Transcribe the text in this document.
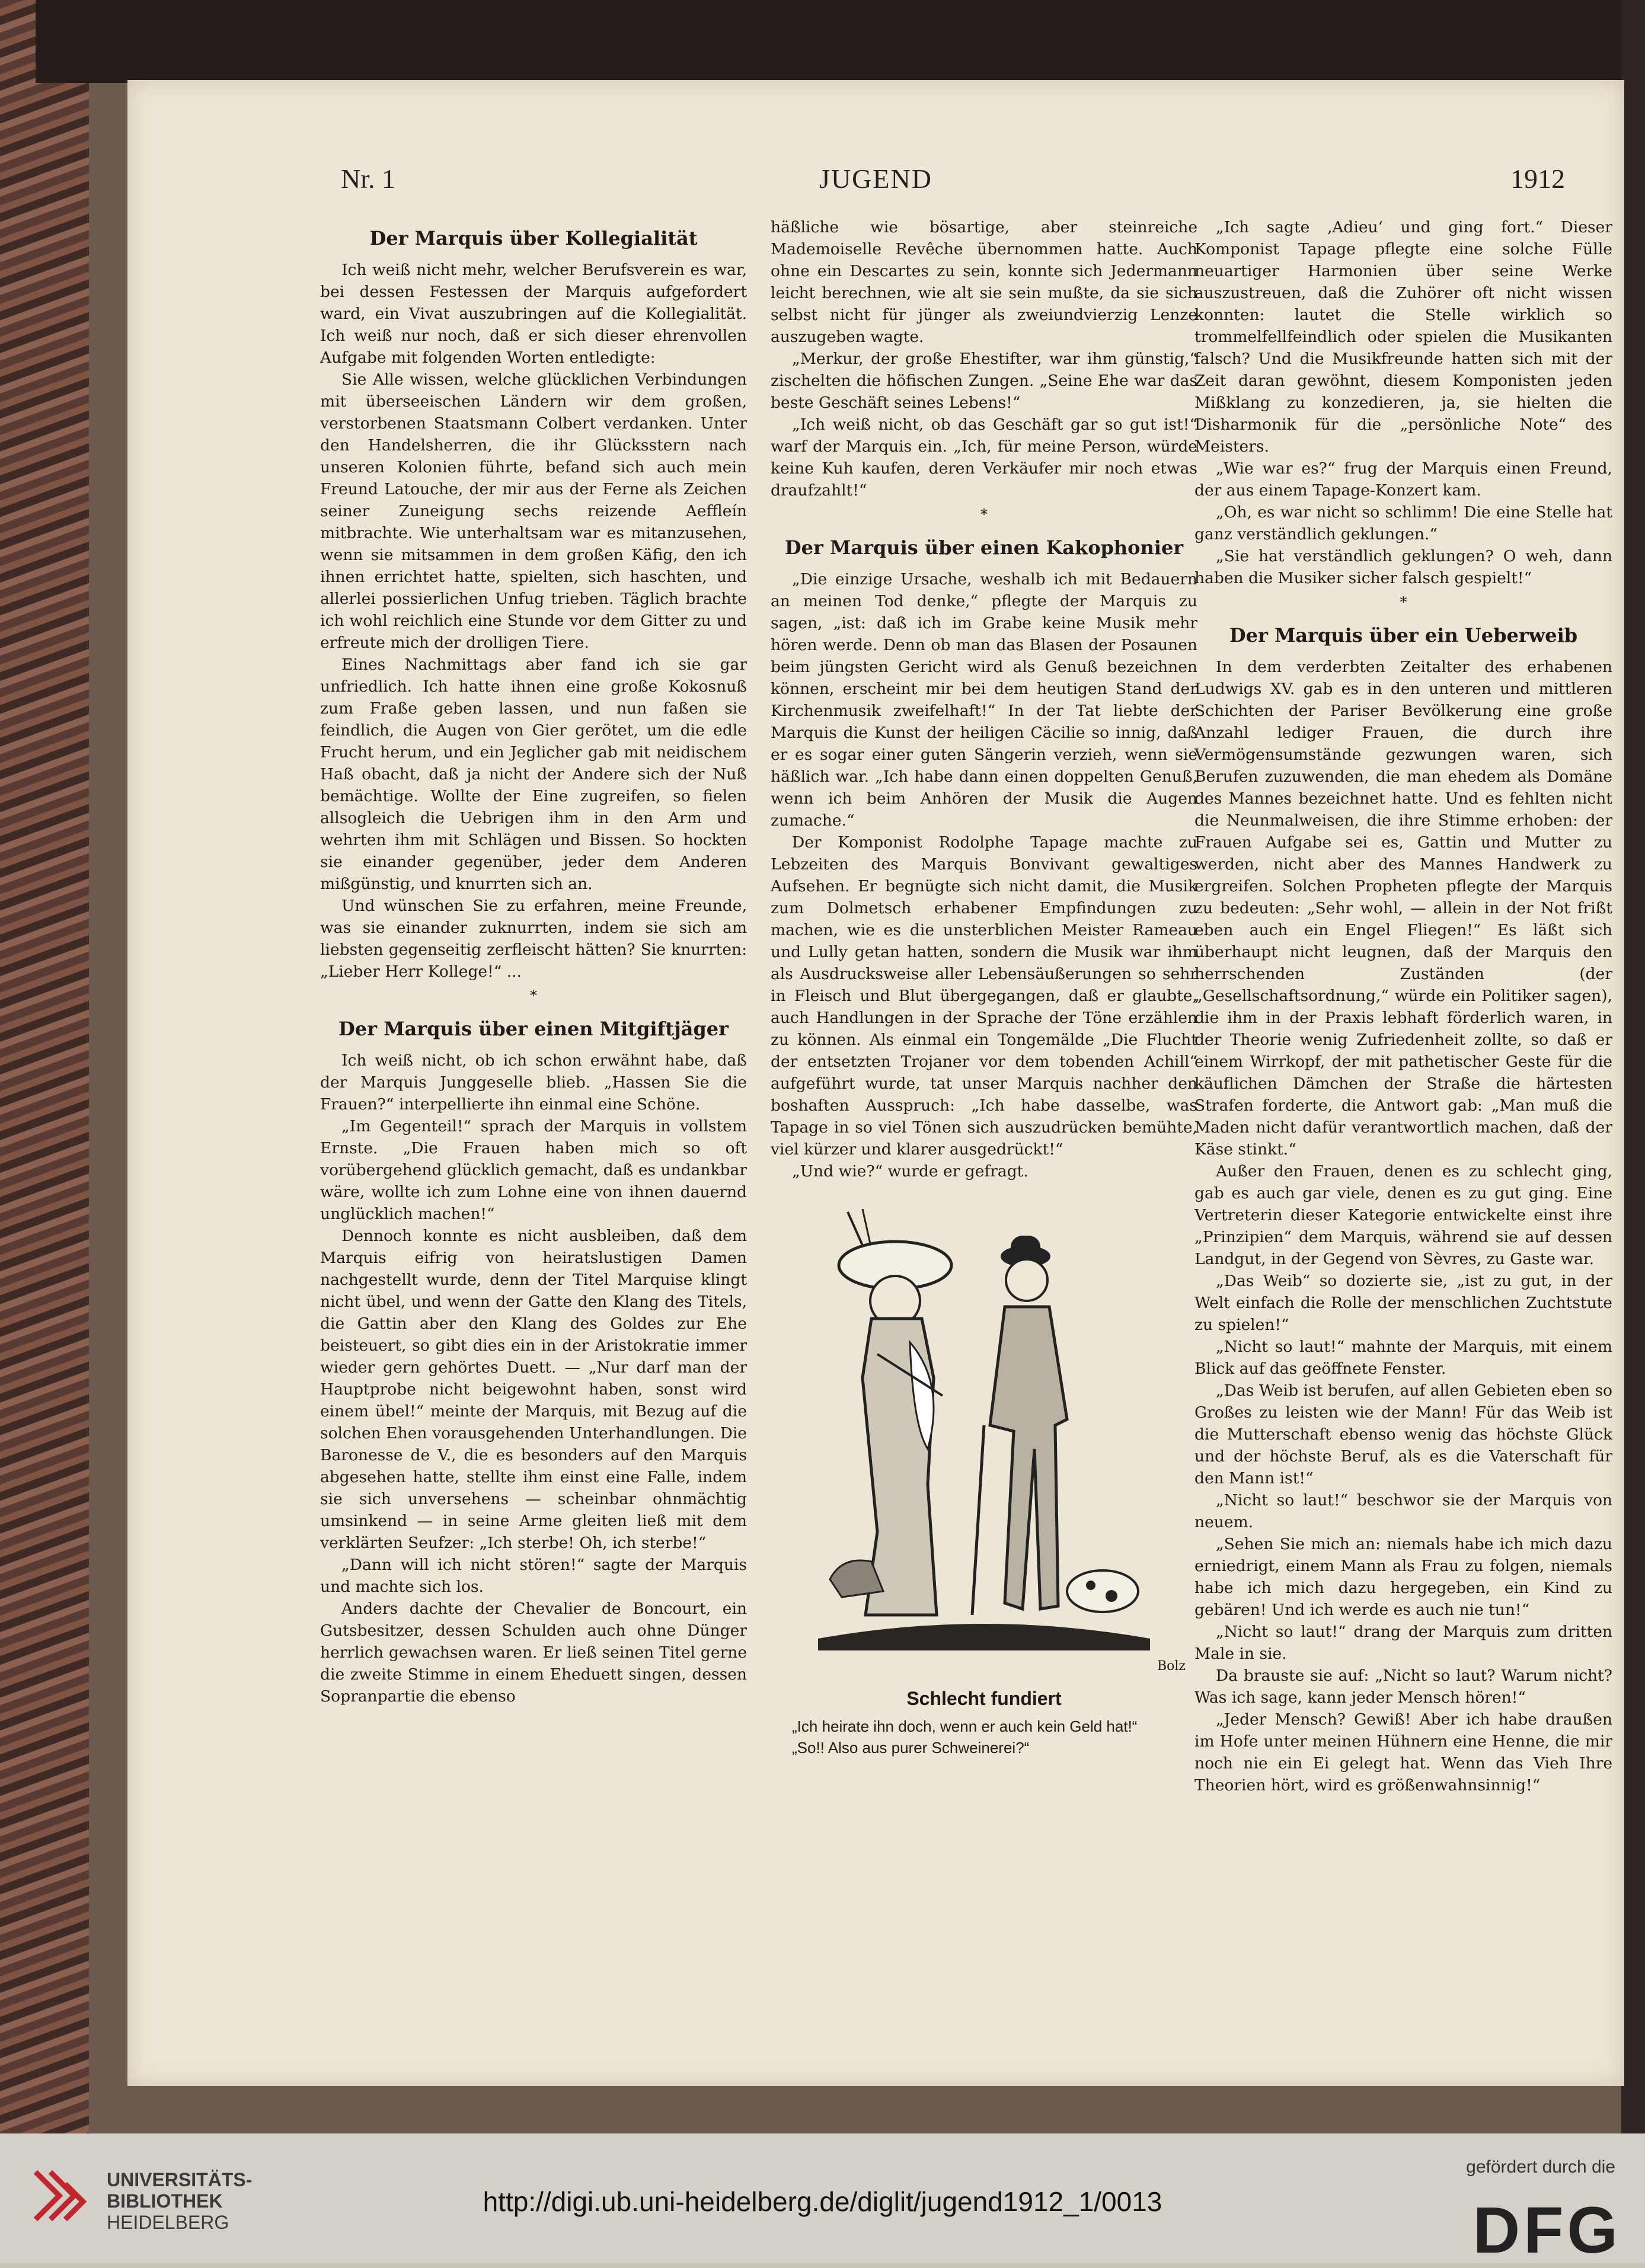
Nr. 1	JUGEND	1912
Der Marquis über Kollegialität

Ich weiß nicht mehr, welcher Berufsverein es war, bei dessen Festessen der Marquis aufgefordert ward, ein Vivat auszubringen auf die Kollegialität. Ich weiß nur noch, daß er sich dieser ehrenvollen Aufgabe mit folgenden Worten entledigte:

Sie Alle wissen, welche glücklichen Verbindungen mit überseeischen Ländern wir dem großen, verstorbenen Staatsmann Colbert verdanken. Unter den Handelsherren, die ihr Glücksstern nach unseren Kolonien führte, befand sich auch mein Freund Latouche, der mir aus der Ferne als Zeichen seiner Zuneigung sechs reizende Aeffleín mitbrachte. Wie unterhaltsam war es mitanzusehen, wenn sie mitsammen in dem großen Käfig, den ich ihnen errichtet hatte, spielten, sich haschten, und allerlei possierlichen Unfug trieben. Täglich brachte ich wohl reichlich eine Stunde vor dem Gitter zu und erfreute mich der drolligen Tiere.

Eines Nachmittags aber fand ich sie gar unfriedlich. Ich hatte ihnen eine große Kokosnuß zum Fraße geben lassen, und nun faßen sie feindlich, die Augen von Gier gerötet, um die edle Frucht herum, und ein Jeglicher gab mit neidischem Haß obacht, daß ja nicht der Andere sich der Nuß bemächtige. Wollte der Eine zugreifen, so fielen allsogleich die Uebrigen ihm in den Arm und wehrten ihm mit Schlägen und Bissen. So hockten sie einander gegenüber, jeder dem Anderen mißgünstig, und knurrten sich an.

Und wünschen Sie zu erfahren, meine Freunde, was sie einander zuknurrten, indem sie sich am liebsten gegenseitig zerfleischt hätten? Sie knurrten: „Lieber Herr Kollege!“ ...

*
Der Marquis über einen Mitgiftjäger

Ich weiß nicht, ob ich schon erwähnt habe, daß der Marquis Junggeselle blieb. „Hassen Sie die Frauen?“ interpellierte ihn einmal eine Schöne.

„Im Gegenteil!“ sprach der Marquis in vollstem Ernste. „Die Frauen haben mich so oft vorübergehend glücklich gemacht, daß es undankbar wäre, wollte ich zum Lohne eine von ihnen dauernd unglücklich machen!“

Dennoch konnte es nicht ausbleiben, daß dem Marquis eifrig von heiratslustigen Damen nachgestellt wurde, denn der Titel Marquise klingt nicht übel, und wenn der Gatte den Klang des Titels, die Gattin aber den Klang des Goldes zur Ehe beisteuert, so gibt dies ein in der Aristokratie immer wieder gern gehörtes Duett. — „Nur darf man der Hauptprobe nicht beigewohnt haben, sonst wird einem übel!“ meinte der Marquis, mit Bezug auf die solchen Ehen vorausgehenden Unterhandlungen. Die Baronesse de V., die es besonders auf den Marquis abgesehen hatte, stellte ihm einst eine Falle, indem sie sich unversehens — scheinbar ohnmächtig umsinkend — in seine Arme gleiten ließ mit dem verklärten Seufzer: „Ich sterbe! Oh, ich sterbe!“

„Dann will ich nicht stören!“ sagte der Marquis und machte sich los.

Anders dachte der Chevalier de Boncourt, ein Gutsbesitzer, dessen Schulden auch ohne Dünger herrlich gewachsen waren. Er ließ seinen Titel gerne die zweite Stimme in einem Eheduett singen, dessen Sopranpartie die ebenso

häßliche wie bösartige, aber steinreiche Mademoiselle Revêche übernommen hatte. Auch ohne ein Descartes zu sein, konnte sich Jedermann leicht berechnen, wie alt sie sein mußte, da sie sich selbst nicht für jünger als zweiundvierzig Lenze auszugeben wagte.

„Merkur, der große Ehestifter, war ihm günstig,“ zischelten die höfischen Zungen. „Seine Ehe war das beste Geschäft seines Lebens!“

„Ich weiß nicht, ob das Geschäft gar so gut ist!“ warf der Marquis ein. „Ich, für meine Person, würde keine Kuh kaufen, deren Verkäufer mir noch etwas draufzahlt!“

*
Der Marquis über einen Kakophonier

„Die einzige Ursache, weshalb ich mit Bedauern an meinen Tod denke,“ pflegte der Marquis zu sagen, „ist: daß ich im Grabe keine Musik mehr hören werde. Denn ob man das Blasen der Posaunen beim jüngsten Gericht wird als Genuß bezeichnen können, erscheint mir bei dem heutigen Stand der Kirchenmusik zweifelhaft!“ In der Tat liebte der Marquis die Kunst der heiligen Cäcilie so innig, daß er es sogar einer guten Sängerin verzieh, wenn sie häßlich war. „Ich habe dann einen doppelten Genuß, wenn ich beim Anhören der Musik die Augen zumache.“

Der Komponist Rodolphe Tapage machte zu Lebzeiten des Marquis Bonvivant gewaltiges Aufsehen. Er begnügte sich nicht damit, die Musik zum Dolmetsch erhabener Empfindungen zu machen, wie es die unsterblichen Meister Rameau und Lully getan hatten, sondern die Musik war ihm als Ausdrucksweise aller Lebensäußerungen so sehr in Fleisch und Blut übergegangen, daß er glaubte, auch Handlungen in der Sprache der Töne erzählen zu können. Als einmal ein Tongemälde „Die Flucht der entsetzten Trojaner vor dem tobenden Achill“ aufgeführt wurde, tat unser Marquis nachher den boshaften Ausspruch: „Ich habe dasselbe, was Tapage in so viel Tönen sich auszudrücken bemühte, viel kürzer und klarer ausgedrückt!“

„Und wie?“ wurde er gefragt.

Bolz
Schlecht fundiert

„Ich heirate ihn doch, wenn er auch kein Geld hat!“

„So!! Also aus purer Schweinerei?“

„Ich sagte ‚Adieu‘ und ging fort.“ Dieser Komponist Tapage pflegte eine solche Fülle neuartiger Harmonien über seine Werke auszustreuen, daß die Zuhörer oft nicht wissen konnten: lautet die Stelle wirklich so trommelfellfeindlich oder spielen die Musikanten falsch? Und die Musikfreunde hatten sich mit der Zeit daran gewöhnt, diesem Komponisten jeden Mißklang zu konzedieren, ja, sie hielten die Disharmonik für die „persönliche Note“ des Meisters.

„Wie war es?“ frug der Marquis einen Freund, der aus einem Tapage-Konzert kam.

„Oh, es war nicht so schlimm! Die eine Stelle hat ganz verständlich geklungen.“

„Sie hat verständlich geklungen? O weh, dann haben die Musiker sicher falsch gespielt!“

*
Der Marquis über ein Ueberweib

In dem verderbten Zeitalter des erhabenen Ludwigs XV. gab es in den unteren und mittleren Schichten der Pariser Bevölkerung eine große Anzahl lediger Frauen, die durch ihre Vermögensumstände gezwungen waren, sich Berufen zuzuwenden, die man ehedem als Domäne des Mannes bezeichnet hatte. Und es fehlten nicht die Neunmalweisen, die ihre Stimme erhoben: der Frauen Aufgabe sei es, Gattin und Mutter zu werden, nicht aber des Mannes Handwerk zu ergreifen. Solchen Propheten pflegte der Marquis zu bedeuten: „Sehr wohl, — allein in der Not frißt eben auch ein Engel Fliegen!“ Es läßt sich überhaupt nicht leugnen, daß der Marquis den herrschenden Zuständen (der „Gesellschaftsordnung,“ würde ein Politiker sagen), die ihm in der Praxis lebhaft förderlich waren, in der Theorie wenig Zufriedenheit zollte, so daß er einem Wirrkopf, der mit pathetischer Geste für die käuflichen Dämchen der Straße die härtesten Strafen forderte, die Antwort gab: „Man muß die Maden nicht dafür verantwortlich machen, daß der Käse stinkt.“

Außer den Frauen, denen es zu schlecht ging, gab es auch gar viele, denen es zu gut ging. Eine Vertreterin dieser Kategorie entwickelte einst ihre „Prinzipien“ dem Marquis, während sie auf dessen Landgut, in der Gegend von Sèvres, zu Gaste war.

„Das Weib“ so dozierte sie, „ist zu gut, in der Welt einfach die Rolle der menschlichen Zuchtstute zu spielen!“

„Nicht so laut!“ mahnte der Marquis, mit einem Blick auf das geöffnete Fenster.

„Das Weib ist berufen, auf allen Gebieten eben so Großes zu leisten wie der Mann! Für das Weib ist die Mutterschaft ebenso wenig das höchste Glück und der höchste Beruf, als es die Vaterschaft für den Mann ist!“

„Nicht so laut!“ beschwor sie der Marquis von neuem.

„Sehen Sie mich an: niemals habe ich mich dazu erniedrigt, einem Mann als Frau zu folgen, niemals habe ich mich dazu hergegeben, ein Kind zu gebären! Und ich werde es auch nie tun!“

„Nicht so laut!“ drang der Marquis zum dritten Male in sie.

Da brauste sie auf: „Nicht so laut? Warum nicht? Was ich sage, kann jeder Mensch hören!“

„Jeder Mensch? Gewiß! Aber ich habe draußen im Hofe unter meinen Hühnern eine Henne, die mir noch nie ein Ei gelegt hat. Wenn das Vieh Ihre Theorien hört, wird es größenwahnsinnig!“

UNIVERSITÄTS-
BIBLIOTHEK
HEIDELBERG
http://digi.ub.uni-heidelberg.de/diglit/jugend1912_1/0013
gefördert durch die
DFG
